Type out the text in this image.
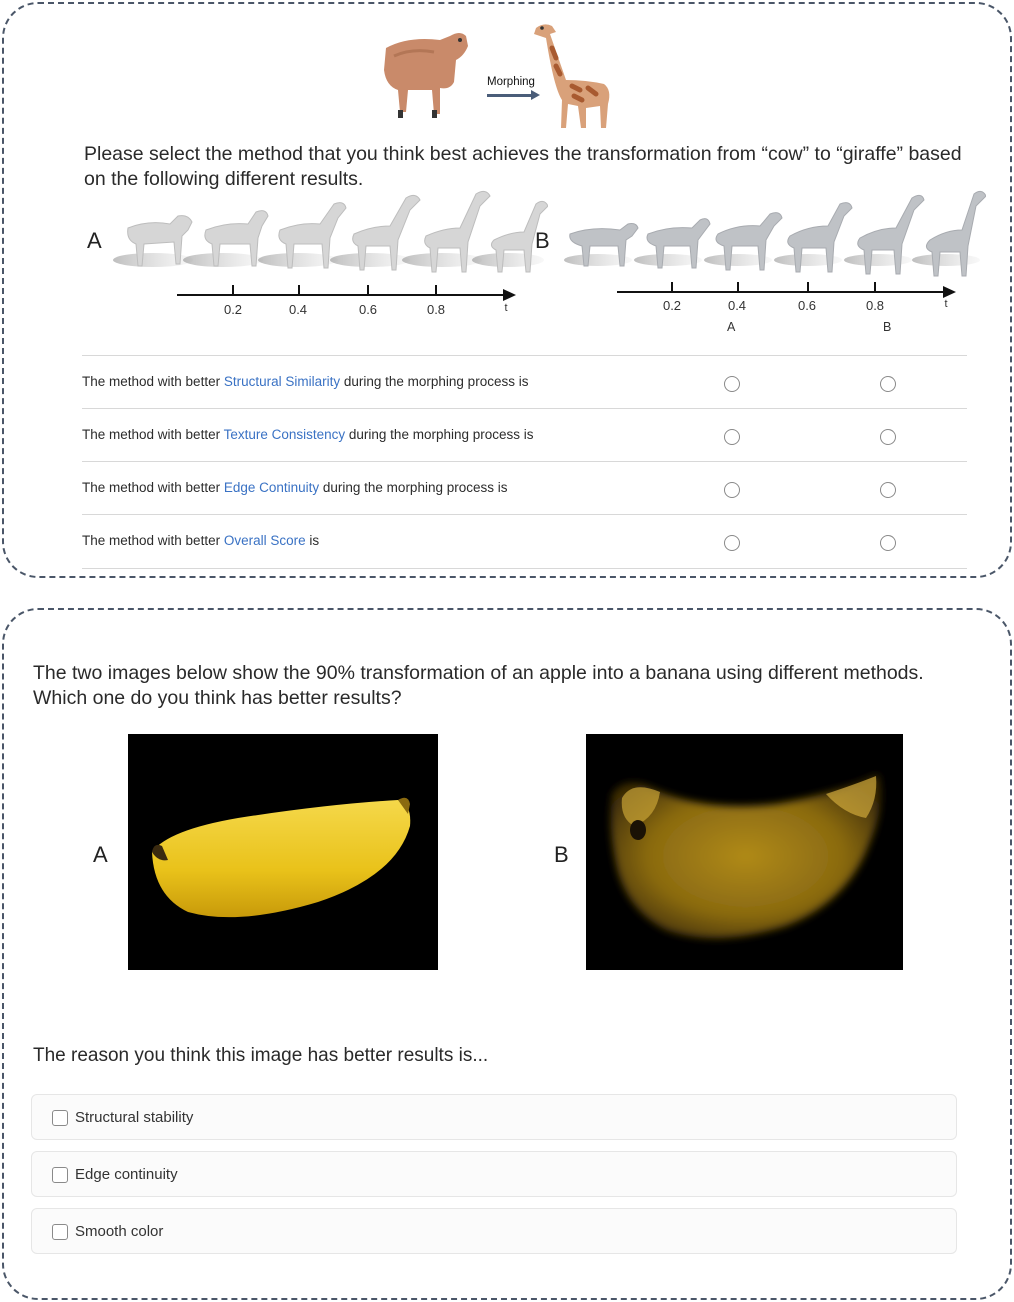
Morphing
Please select the method that you think best achieves the transformation from “cow” to “giraffe” based on the following different results.
A	B
0.2	0.4	0.6	0.8	t	0.2	0.4	0.6	0.8	t
A	B
The method with better Structural Similarity during the morphing process is
The method with better Texture Consistency during the morphing process is
The method with better Edge Continuity during the morphing process is
The method with better Overall Score is
The two images below show the 90% transformation of an apple into a banana using different methods. Which one do you think has better results?
A	B
The reason you think this image has better results is...
Structural stability
Edge continuity
Smooth color
